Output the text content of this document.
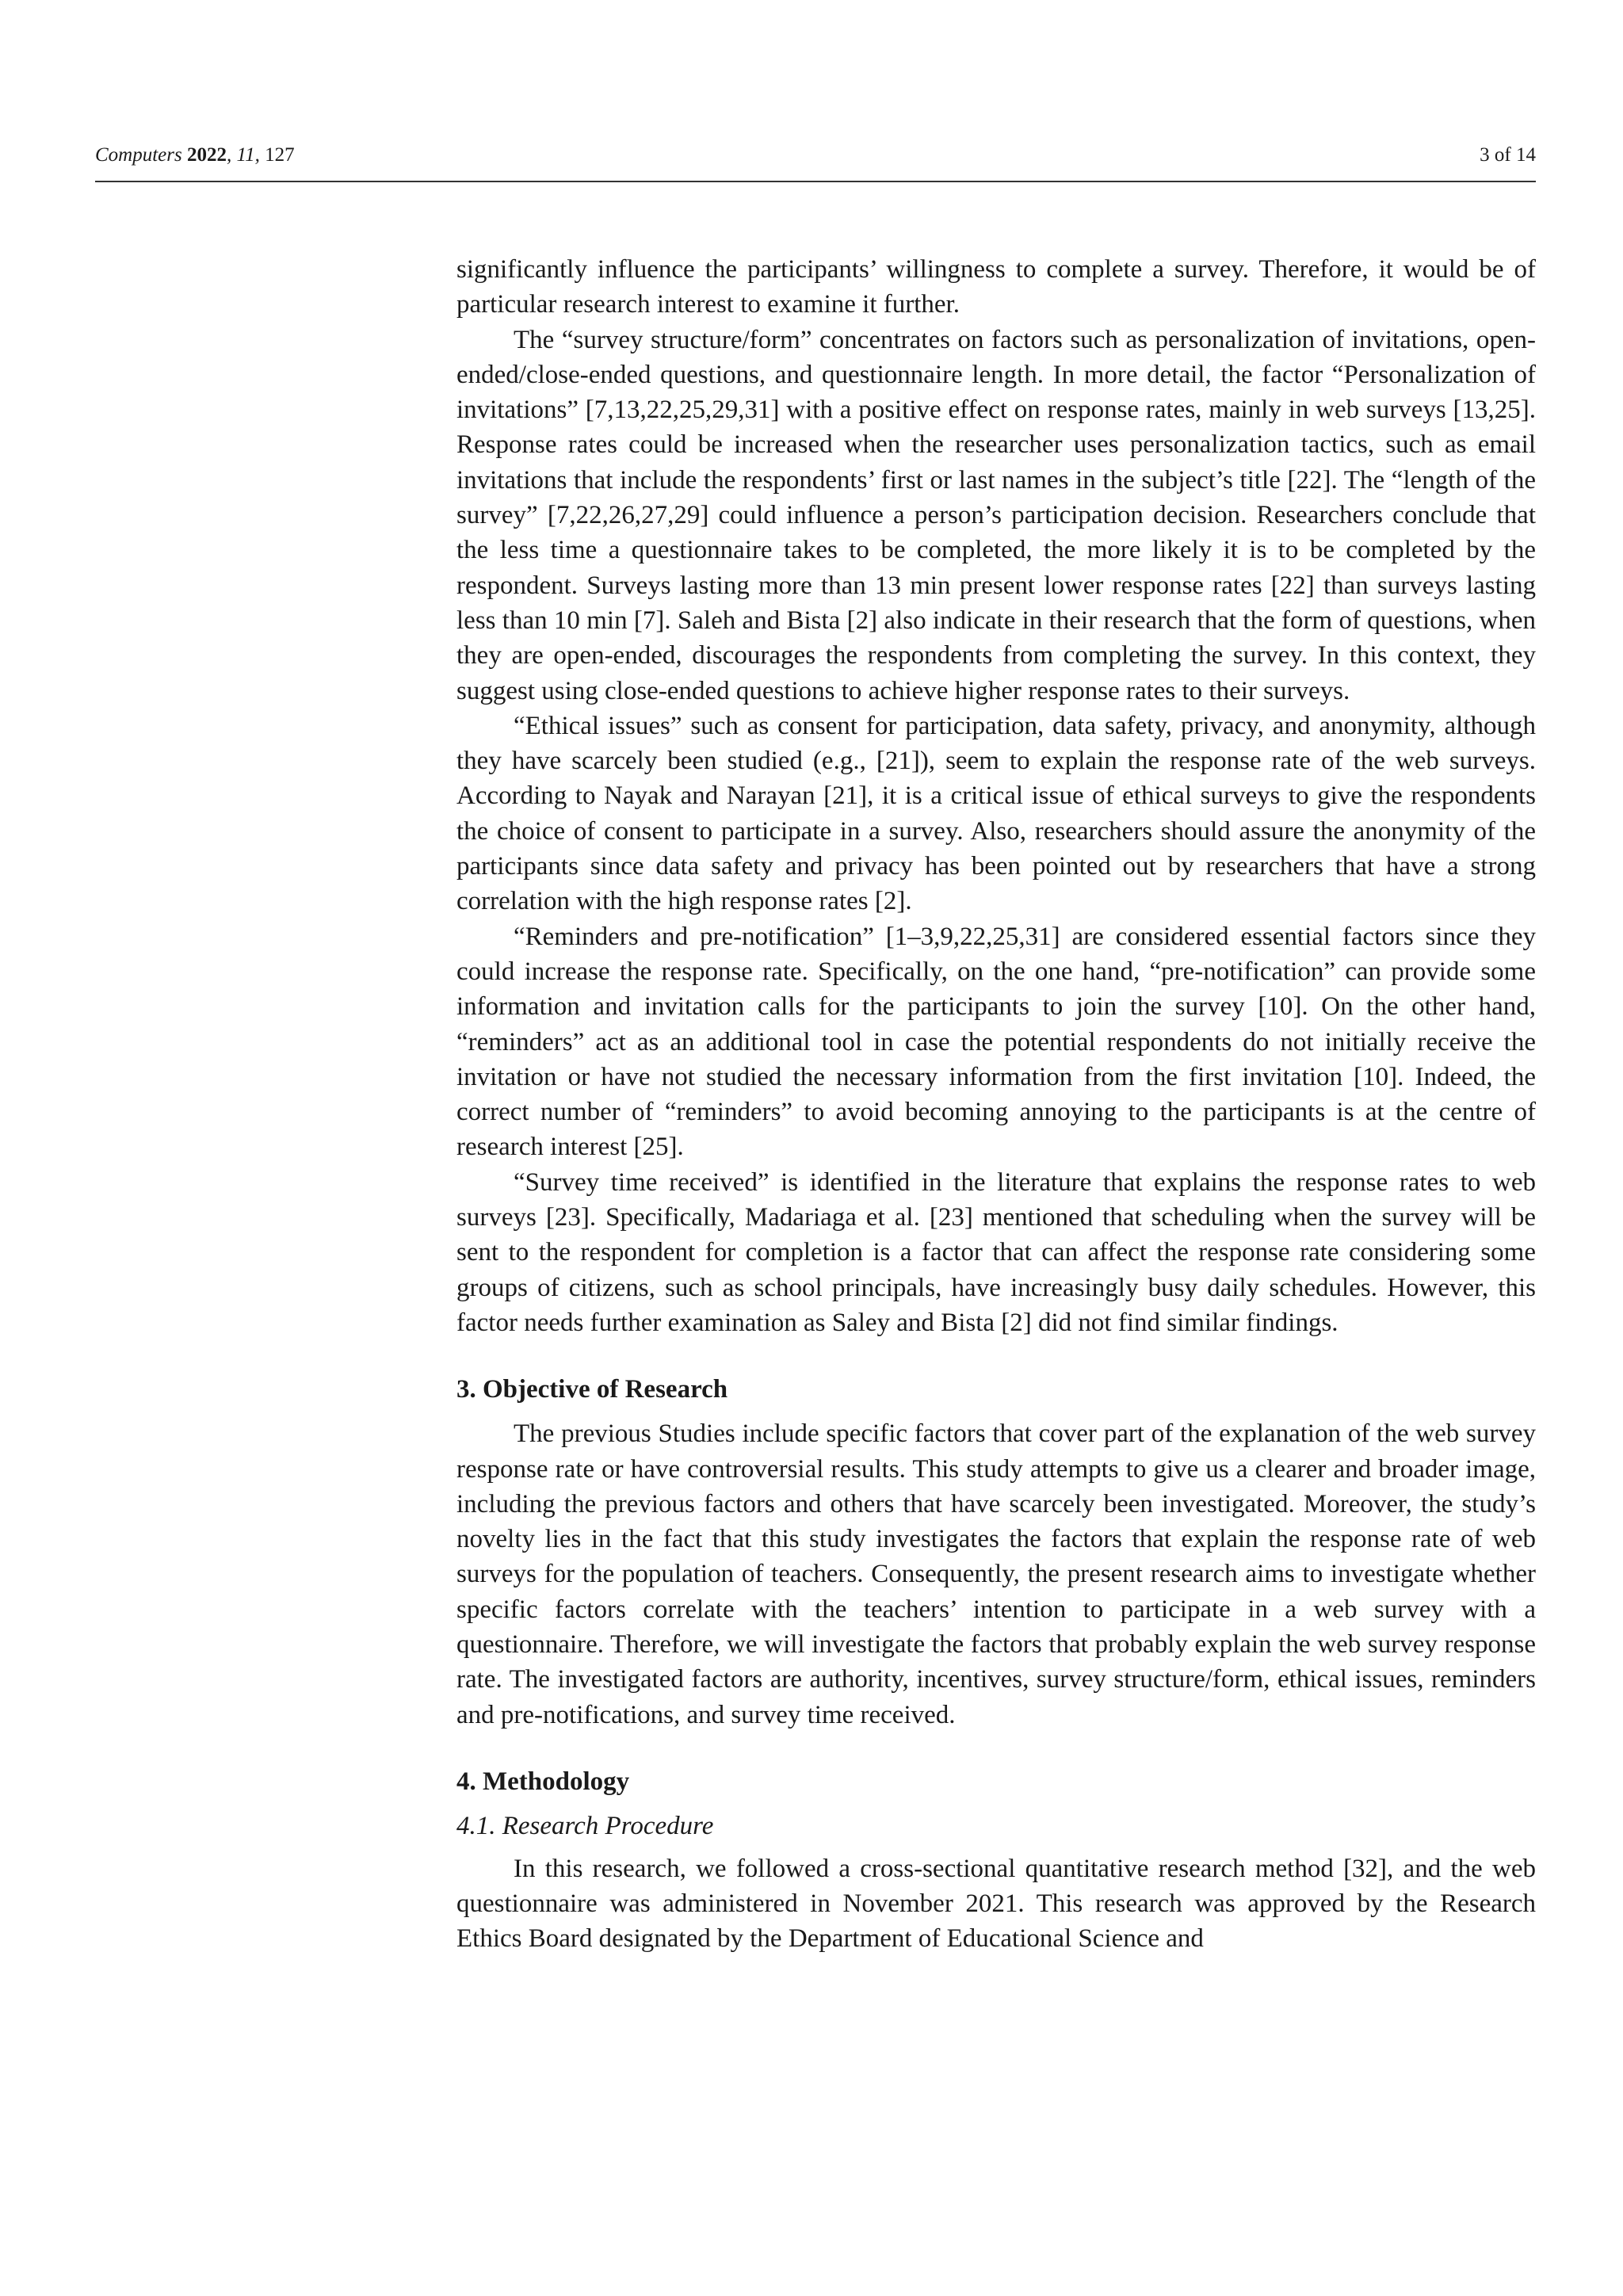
Computers 2022, 11, 127	3 of 14

significantly influence the participants’ willingness to complete a survey. Therefore, it would be of particular research interest to examine it further.

The “survey structure/form” concentrates on factors such as personalization of invitations, open-ended/close-ended questions, and questionnaire length. In more detail, the factor “Personalization of invitations” [7,13,22,25,29,31] with a positive effect on response rates, mainly in web surveys [13,25]. Response rates could be increased when the researcher uses personalization tactics, such as email invitations that include the respondents’ first or last names in the subject’s title [22]. The “length of the survey” [7,22,26,27,29] could influence a person’s participation decision. Researchers conclude that the less time a questionnaire takes to be completed, the more likely it is to be completed by the respondent. Surveys lasting more than 13 min present lower response rates [22] than surveys lasting less than 10 min [7]. Saleh and Bista [2] also indicate in their research that the form of questions, when they are open-ended, discourages the respondents from completing the survey. In this context, they suggest using close-ended questions to achieve higher response rates to their surveys.

“Ethical issues” such as consent for participation, data safety, privacy, and anonymity, although they have scarcely been studied (e.g., [21]), seem to explain the response rate of the web surveys. According to Nayak and Narayan [21], it is a critical issue of ethical surveys to give the respondents the choice of consent to participate in a survey. Also, researchers should assure the anonymity of the participants since data safety and privacy has been pointed out by researchers that have a strong correlation with the high response rates [2].

“Reminders and pre-notification” [1–3,9,22,25,31] are considered essential factors since they could increase the response rate. Specifically, on the one hand, “pre-notification” can provide some information and invitation calls for the participants to join the survey [10]. On the other hand, “reminders” act as an additional tool in case the potential respondents do not initially receive the invitation or have not studied the necessary information from the first invitation [10]. Indeed, the correct number of “reminders” to avoid becoming annoying to the participants is at the centre of research interest [25].

“Survey time received” is identified in the literature that explains the response rates to web surveys [23]. Specifically, Madariaga et al. [23] mentioned that scheduling when the survey will be sent to the respondent for completion is a factor that can affect the response rate considering some groups of citizens, such as school principals, have increasingly busy daily schedules. However, this factor needs further examination as Saley and Bista [2] did not find similar findings.

3. Objective of Research

The previous Studies include specific factors that cover part of the explanation of the web survey response rate or have controversial results. This study attempts to give us a clearer and broader image, including the previous factors and others that have scarcely been investigated. Moreover, the study’s novelty lies in the fact that this study investigates the factors that explain the response rate of web surveys for the population of teachers. Consequently, the present research aims to investigate whether specific factors correlate with the teachers’ intention to participate in a web survey with a questionnaire. Therefore, we will investigate the factors that probably explain the web survey response rate. The investigated factors are authority, incentives, survey structure/form, ethical issues, reminders and pre-notifications, and survey time received.

4. Methodology
4.1. Research Procedure

In this research, we followed a cross-sectional quantitative research method [32], and the web questionnaire was administered in November 2021. This research was approved by the Research Ethics Board designated by the Department of Educational Science and
